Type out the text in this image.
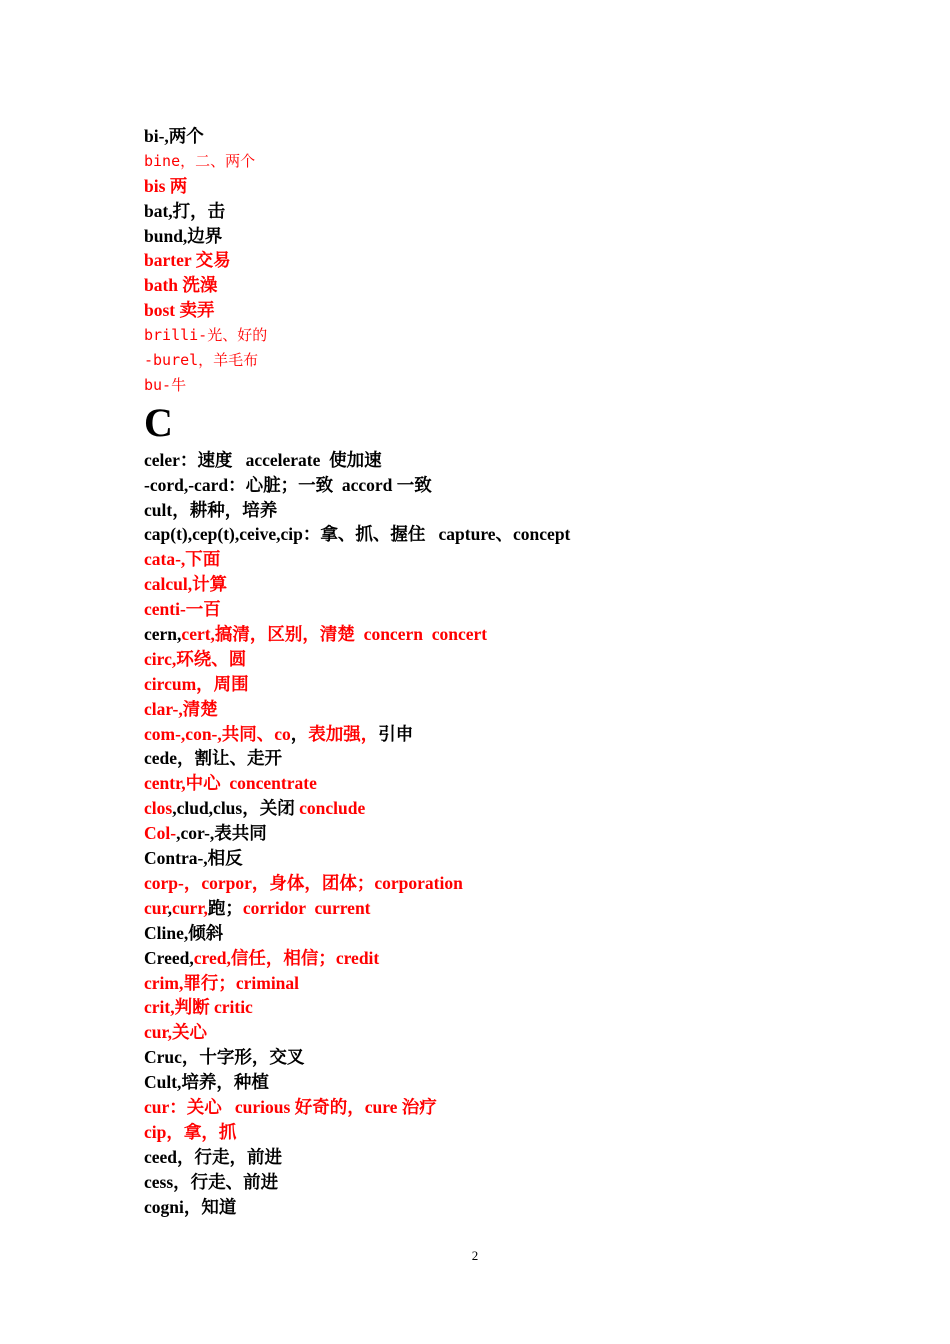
bi-,两个
bine，二、两个
bis 两
bat,打，击
bund,边界
barter 交易
bath 洗澡
bost 卖弄
brilli-光、好的
-burel，羊毛布
bu-牛
C
celer：速度   accelerate  使加速
-cord,-card：心脏；一致  accord 一致
cult，耕种，培养
cap(t),cep(t),ceive,cip：拿、抓、握住   capture、concept
cata-,下面
calcul,计算
centi-一百
cern,cert,搞清，区别，清楚  concern  concert
circ,环绕、圆
circum，周围
clar-,清楚
com-,con-,共同、co，表加强，引申
cede，割让、走开
centr,中心  concentrate
clos,clud,clus，关闭 conclude
Col-,cor-,表共同
Contra-,相反
corp-，corpor，身体，团体；corporation
cur,curr,跑；corridor  current
Cline,倾斜
Creed,cred,信任，相信；credit
crim,罪行；criminal
crit,判断 critic
cur,关心
Cruc，十字形，交叉
Cult,培养，种植
cur：关心   curious 好奇的，cure 治疗
cip，拿，抓
ceed，行走，前进
cess，行走、前进
cogni，知道
2
